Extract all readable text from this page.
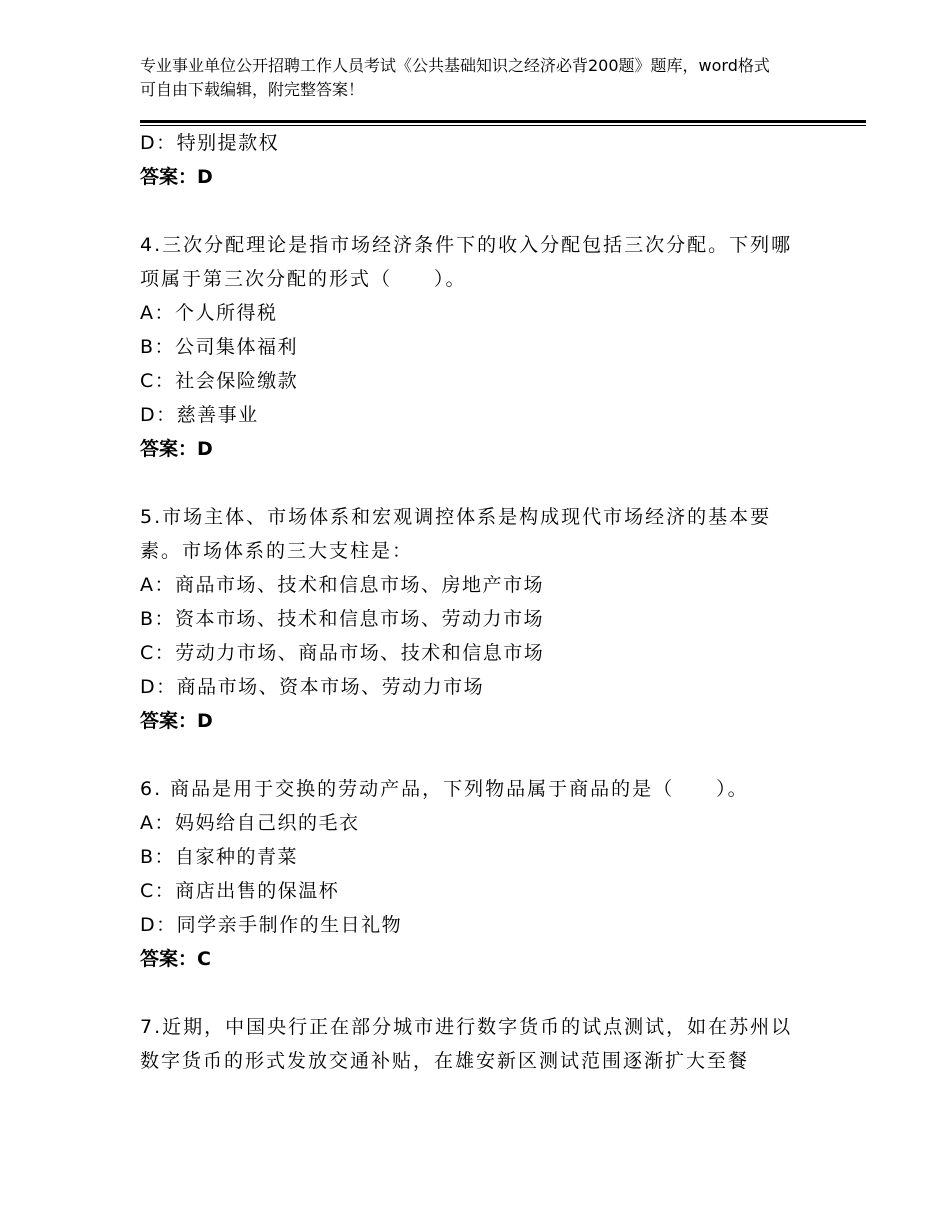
专业事业单位公开招聘工作人员考试《公共基础知识之经济必背200题》题库，word格式可自由下载编辑，附完整答案！
D：特别提款权
答案：D
4.三次分配理论是指市场经济条件下的收入分配包括三次分配。下列哪项属于第三次分配的形式（　　）。
A：个人所得税
B：公司集体福利
C：社会保险缴款
D：慈善事业
答案：D
5.市场主体、市场体系和宏观调控体系是构成现代市场经济的基本要素。市场体系的三大支柱是：
A：商品市场、技术和信息市场、房地产市场
B：资本市场、技术和信息市场、劳动力市场
C：劳动力市场、商品市场、技术和信息市场
D：商品市场、资本市场、劳动力市场
答案：D
6. 商品是用于交换的劳动产品，下列物品属于商品的是（　　）。
A：妈妈给自己织的毛衣
B：自家种的青菜
C：商店出售的保温杯
D：同学亲手制作的生日礼物
答案：C
7.近期，中国央行正在部分城市进行数字货币的试点测试，如在苏州以数字货币的形式发放交通补贴，在雄安新区测试范围逐渐扩大至餐
